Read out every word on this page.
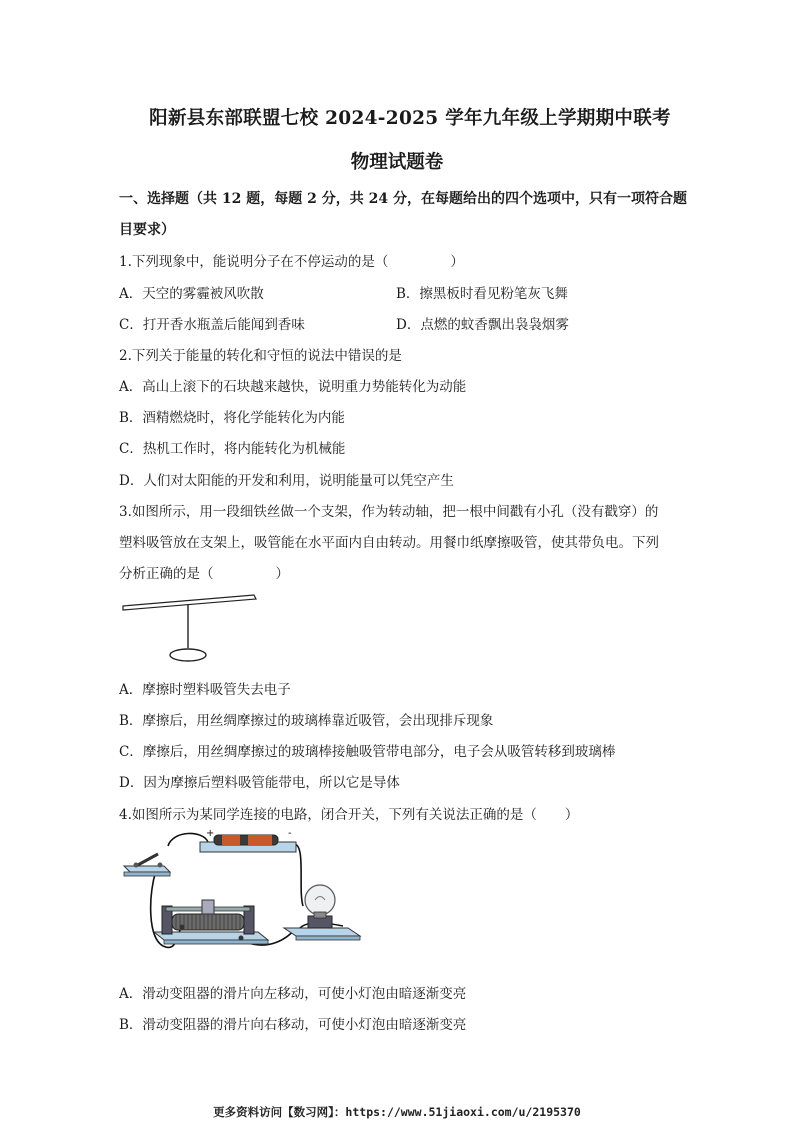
阳新县东部联盟七校 2024-2025 学年九年级上学期期中联考
物理试题卷
一、选择题（共 12 题，每题 2 分，共 24 分，在每题给出的四个选项中，只有一项符合题
目要求）
1.下列现象中，能说明分子在不停运动的是（	）
A．天空的雾霾被风吹散	B．擦黑板时看见粉笔灰飞舞
C．打开香水瓶盖后能闻到香味	D．点燃的蚊香飘出袅袅烟雾
2.下列关于能量的转化和守恒的说法中错误的是
A．高山上滚下的石块越来越快，说明重力势能转化为动能
B．酒精燃烧时，将化学能转化为内能
C．热机工作时，将内能转化为机械能
D．人们对太阳能的开发和利用，说明能量可以凭空产生
3.如图所示，用一段细铁丝做一个支架，作为转动轴，把一根中间戳有小孔（没有戳穿）的
塑料吸管放在支架上，吸管能在水平面内自由转动。用餐巾纸摩擦吸管，使其带负电。下列
分析正确的是（	）
A．摩擦时塑料吸管失去电子
B．摩擦后，用丝绸摩擦过的玻璃棒靠近吸管，会出现排斥现象
C．摩擦后，用丝绸摩擦过的玻璃棒接触吸管带电部分，电子会从吸管转移到玻璃棒
D．因为摩擦后塑料吸管能带电，所以它是导体
4.如图所示为某同学连接的电路，闭合开关，下列有关说法正确的是（ ）
+	-
A．滑动变阻器的滑片向左移动，可使小灯泡由暗逐渐变亮
B．滑动变阻器的滑片向右移动，可使小灯泡由暗逐渐变亮
更多资料访问【数习网】：https://www.51jiaoxi.com/u/2195370
